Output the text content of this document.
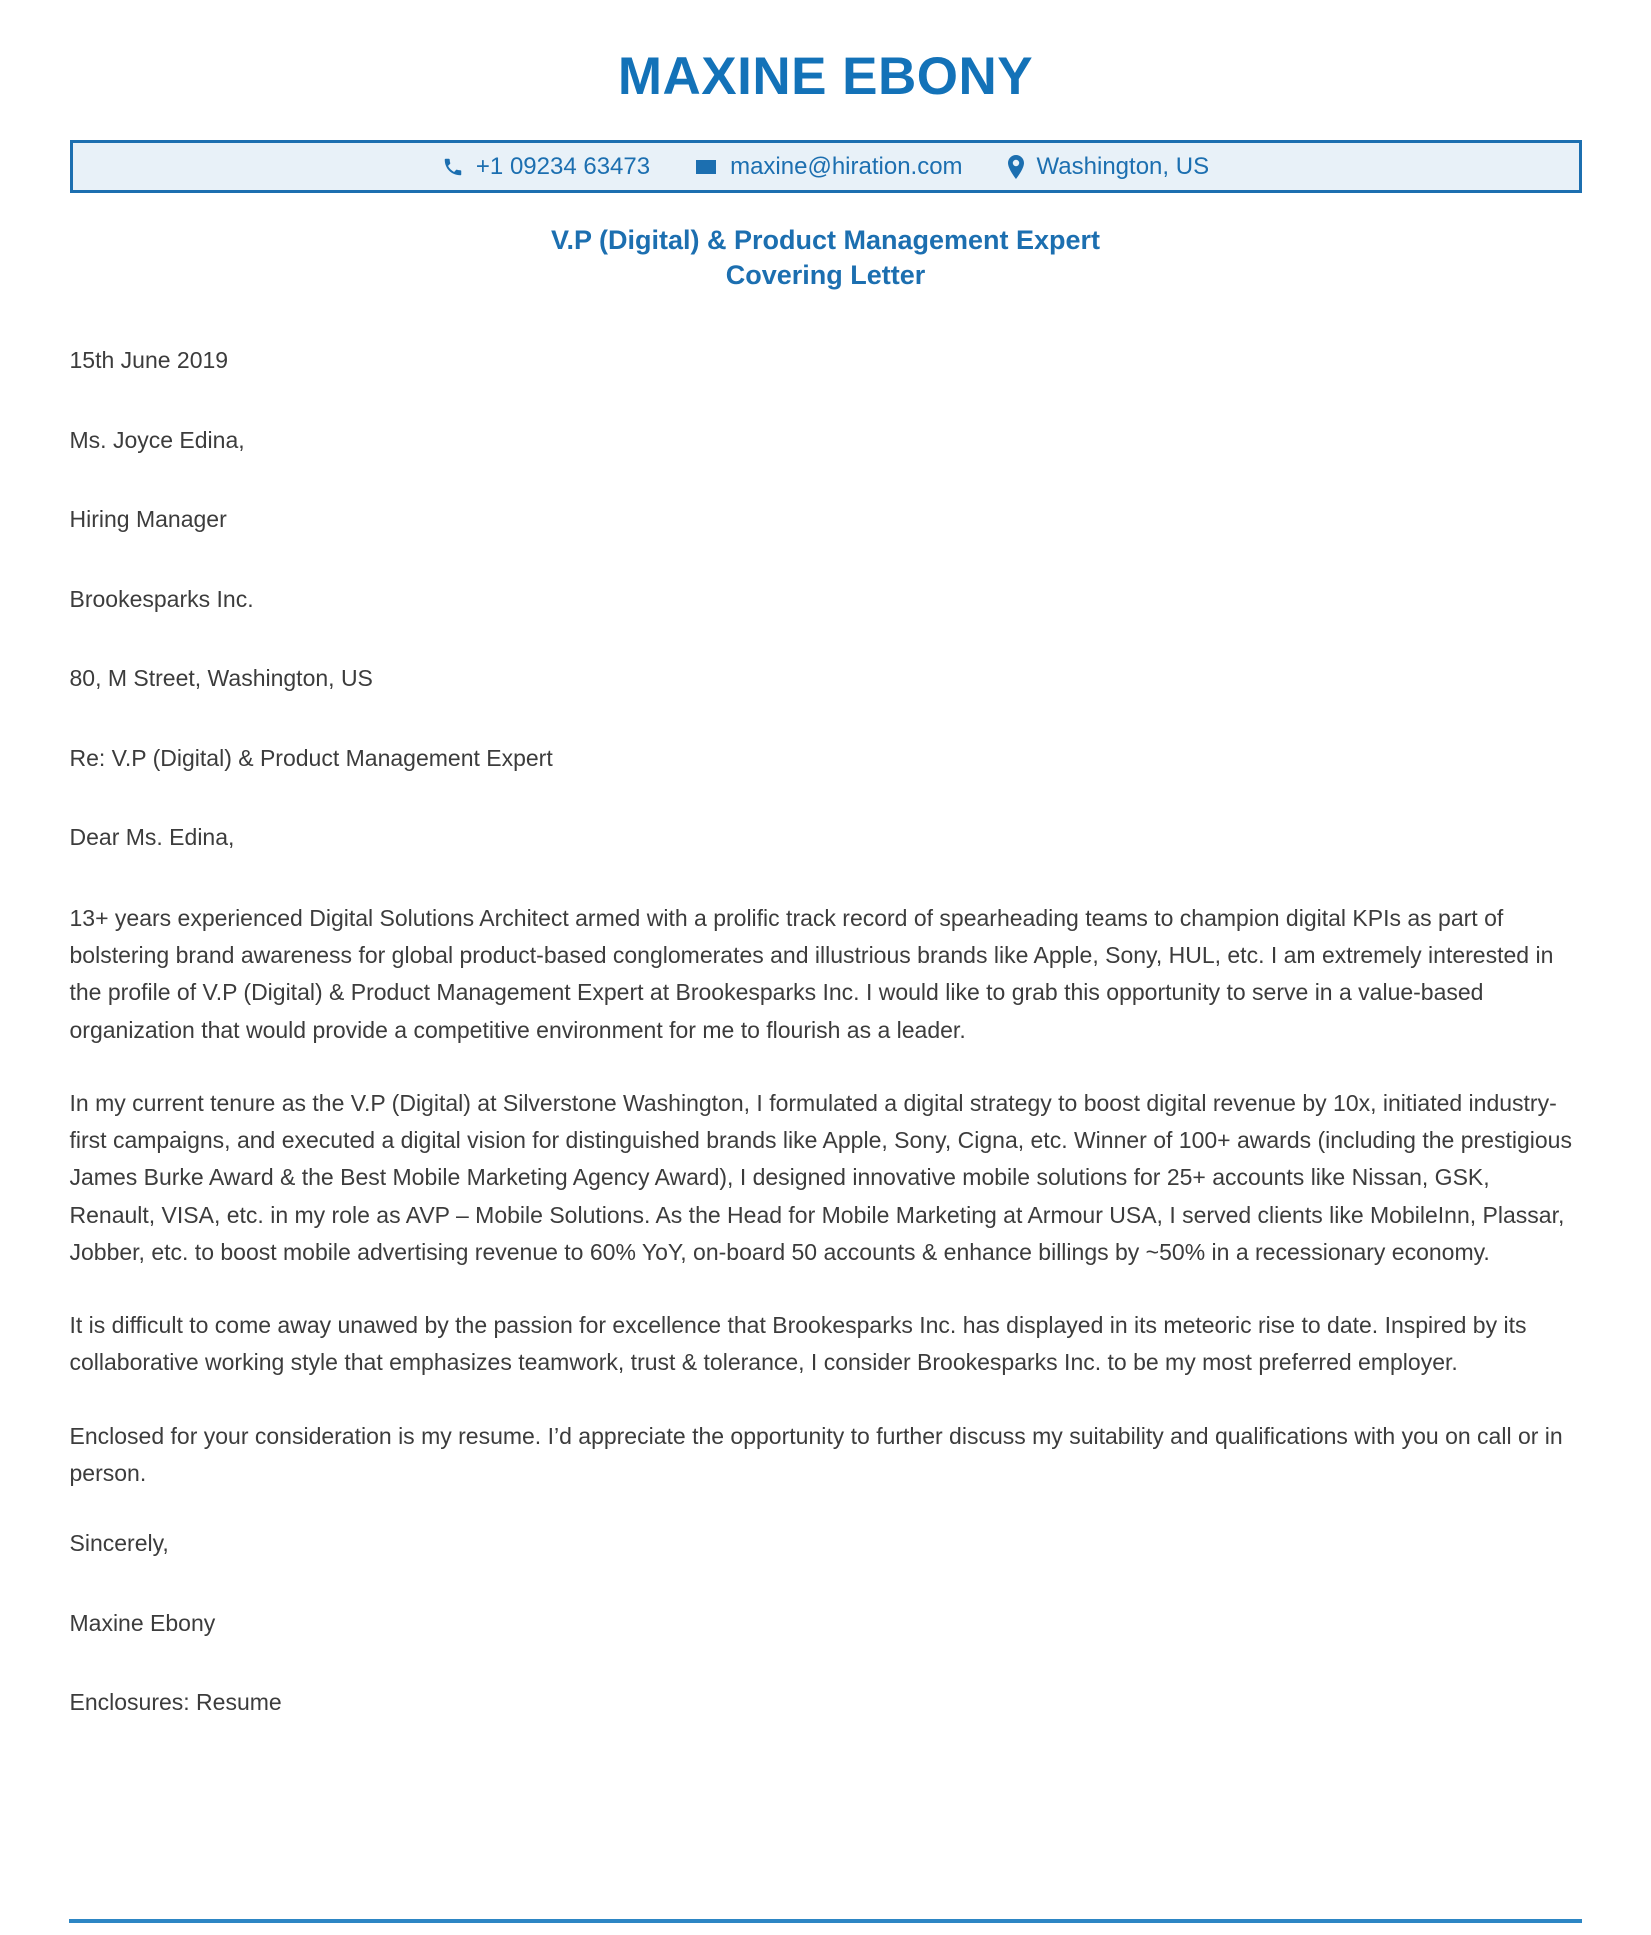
MAXINE EBONY
+1 09234 63473	maxine@hiration.com	Washington, US
V.P (Digital) & Product Management Expert
Covering Letter
15th June 2019
Ms. Joyce Edina,
Hiring Manager
Brookesparks Inc.
80, M Street, Washington, US
Re: V.P (Digital) & Product Management Expert
Dear Ms. Edina,

13+ years experienced Digital Solutions Architect armed with a prolific track record of spearheading teams to champion digital KPIs as part of bolstering brand awareness for global product-based conglomerates and illustrious brands like Apple, Sony, HUL, etc. I am extremely interested in the profile of V.P (Digital) & Product Management Expert at Brookesparks Inc. I would like to grab this opportunity to serve in a value-based organization that would provide a competitive environment for me to flourish as a leader.

In my current tenure as the V.P (Digital) at Silverstone Washington, I formulated a digital strategy to boost digital revenue by 10x, initiated industry-first campaigns, and executed a digital vision for distinguished brands like Apple, Sony, Cigna, etc. Winner of 100+ awards (including the prestigious James Burke Award & the Best Mobile Marketing Agency Award), I designed innovative mobile solutions for 25+ accounts like Nissan, GSK, Renault, VISA, etc. in my role as AVP – Mobile Solutions. As the Head for Mobile Marketing at Armour USA, I served clients like MobileInn, Plassar, Jobber, etc. to boost mobile advertising revenue to 60% YoY, on-board 50 accounts & enhance billings by ~50% in a recessionary economy.

It is difficult to come away unawed by the passion for excellence that Brookesparks Inc. has displayed in its meteoric rise to date. Inspired by its collaborative working style that emphasizes teamwork, trust & tolerance, I consider Brookesparks Inc. to be my most preferred employer.

Enclosed for your consideration is my resume. I’d appreciate the opportunity to further discuss my suitability and qualifications with you on call or in person.

Sincerely,
Maxine Ebony
Enclosures: Resume
